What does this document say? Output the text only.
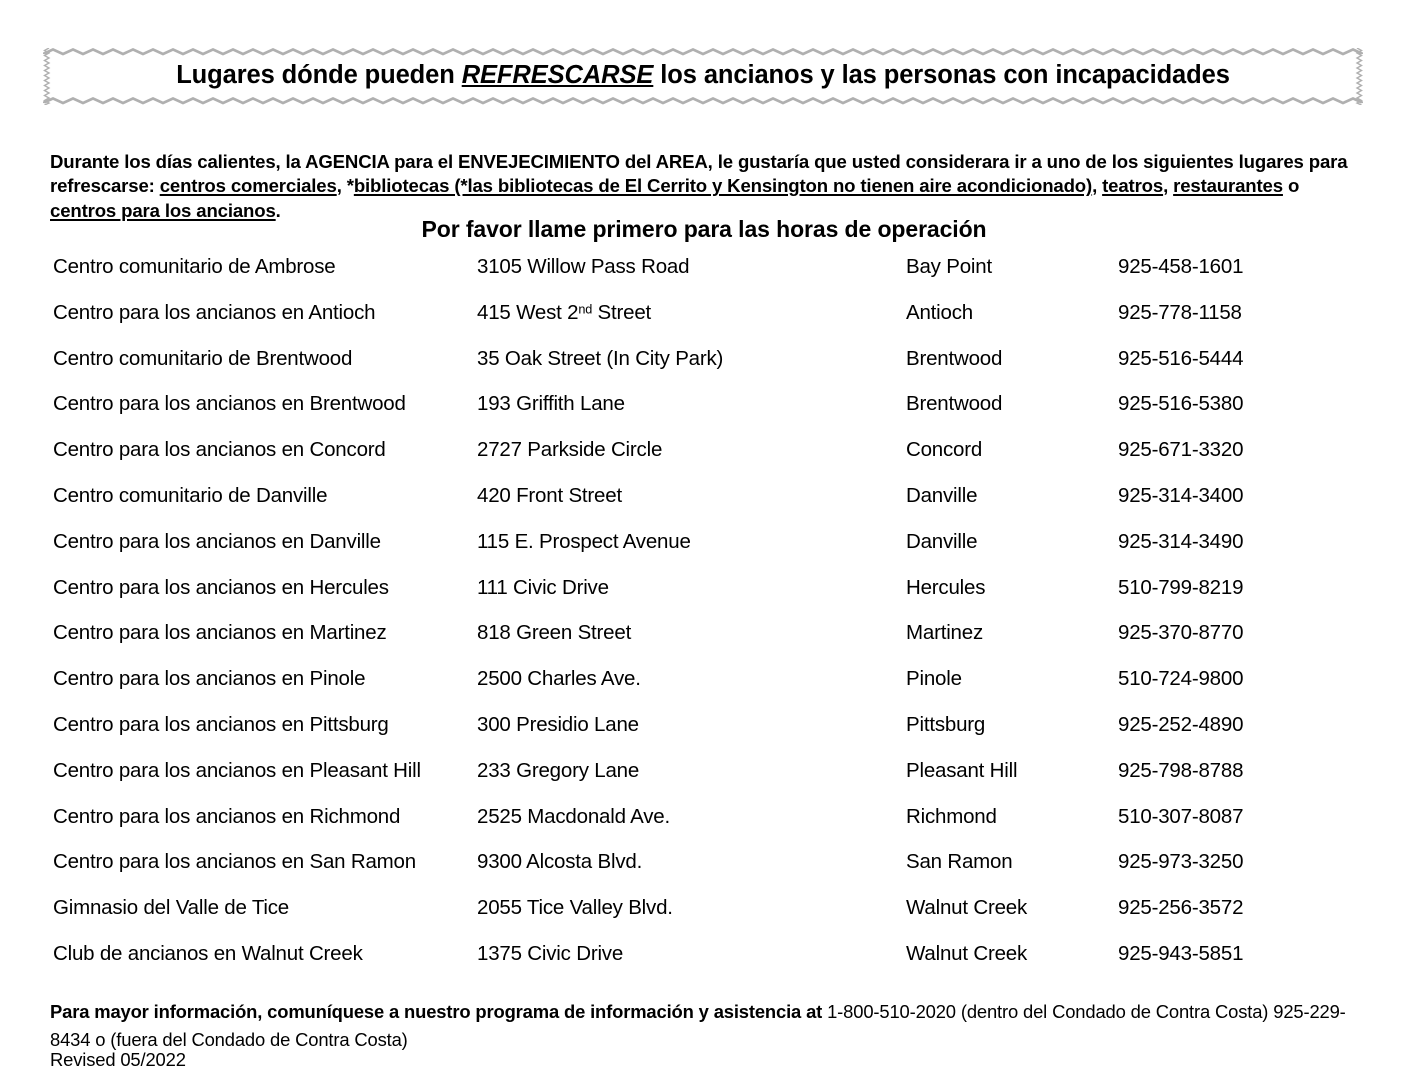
Lugares dónde pueden REFRESCARSE los ancianos y las personas con incapacidades

Durante los días calientes, la AGENCIA para el ENVEJECIMIENTO del AREA, le gustaría que usted considerara ir a uno de los siguientes lugares para refrescarse: centros comerciales, *bibliotecas (*las bibliotecas de El Cerrito y Kensington no tienen aire acondicionado), teatros, restaurantes o centros para los ancianos.

Por favor llame primero para las horas de operación
Centro comunitario de Ambrose	3105 Willow Pass Road	Bay Point	925-458-1601
Centro para los ancianos en Antioch	415 West 2nd Street	Antioch	925-778-1158
Centro comunitario de Brentwood	35 Oak Street (In City Park)	Brentwood	925-516-5444
Centro para los ancianos en Brentwood	193 Griffith Lane	Brentwood	925-516-5380
Centro para los ancianos en Concord	2727 Parkside Circle	Concord	925-671-3320
Centro comunitario de Danville	420 Front Street	Danville	925-314-3400
Centro para los ancianos en Danville	115 E. Prospect Avenue	Danville	925-314-3490
Centro para los ancianos en Hercules	111 Civic Drive	Hercules	510-799-8219
Centro para los ancianos en Martinez	818 Green Street	Martinez	925-370-8770
Centro para los ancianos en Pinole	2500 Charles Ave.	Pinole	510-724-9800
Centro para los ancianos en Pittsburg	300 Presidio Lane	Pittsburg	925-252-4890
Centro para los ancianos en Pleasant Hill	233 Gregory Lane	Pleasant Hill	925-798-8788
Centro para los ancianos en Richmond	2525 Macdonald Ave.	Richmond	510-307-8087
Centro para los ancianos en San Ramon	9300 Alcosta Blvd.	San Ramon	925-973-3250
Gimnasio del Valle de Tice	2055 Tice Valley Blvd.	Walnut Creek	925-256-3572
Club de ancianos en Walnut Creek	1375 Civic Drive	Walnut Creek	925-943-5851
Para mayor información, comuníquese a nuestro programa de información y asistencia at 1-800-510-2020 (dentro del Condado de Contra Costa) 925-229-8434 o (fuera del Condado de Contra Costa)
Revised 05/2022
